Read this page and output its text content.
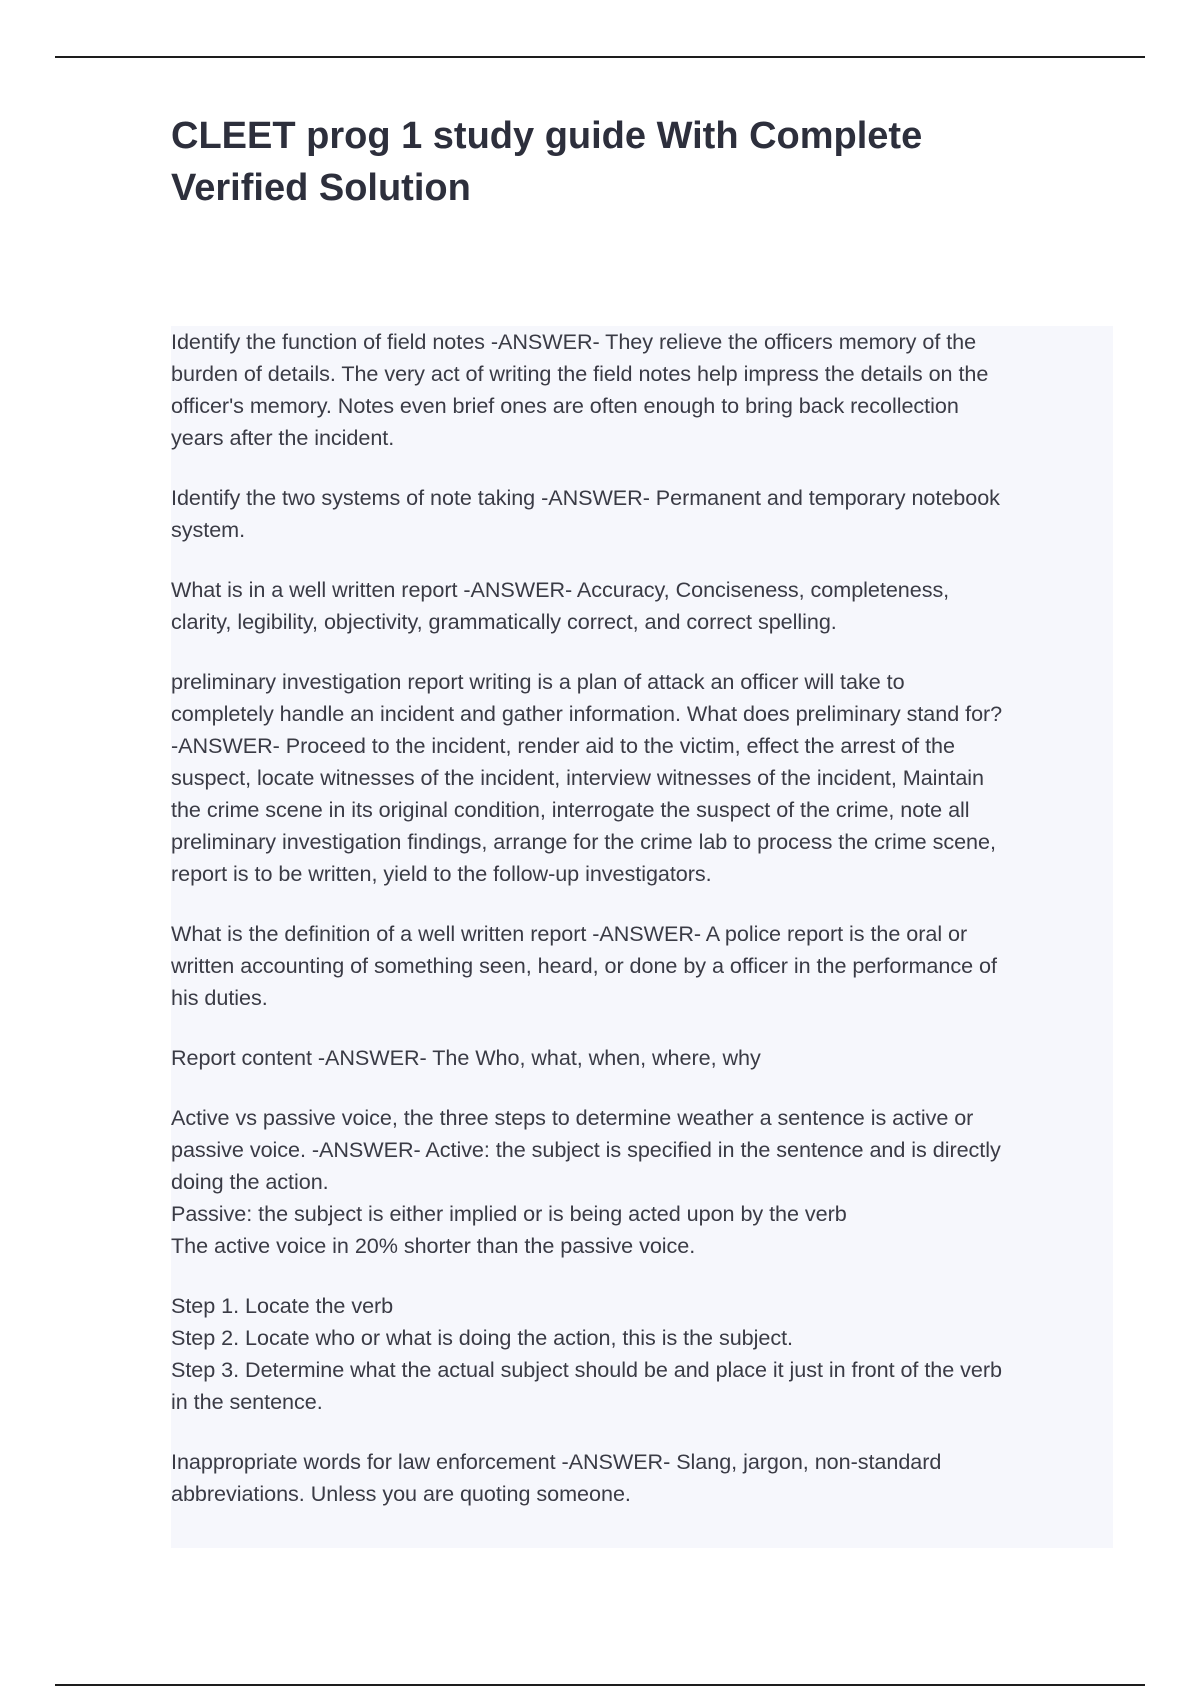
CLEET prog 1 study guide With Complete
Verified Solution

Identify the function of field notes -ANSWER- They relieve the officers memory of the
burden of details. The very act of writing the field notes help impress the details on the
officer's memory. Notes even brief ones are often enough to bring back recollection
years after the incident.

Identify the two systems of note taking -ANSWER- Permanent and temporary notebook
system.

What is in a well written report -ANSWER- Accuracy, Conciseness, completeness,
clarity, legibility, objectivity, grammatically correct, and correct spelling.

preliminary investigation report writing is a plan of attack an officer will take to
completely handle an incident and gather information. What does preliminary stand for?
-ANSWER- Proceed to the incident, render aid to the victim, effect the arrest of the
suspect, locate witnesses of the incident, interview witnesses of the incident, Maintain
the crime scene in its original condition, interrogate the suspect of the crime, note all
preliminary investigation findings, arrange for the crime lab to process the crime scene,
report is to be written, yield to the follow-up investigators.

What is the definition of a well written report -ANSWER- A police report is the oral or
written accounting of something seen, heard, or done by a officer in the performance of
his duties.

Report content -ANSWER- The Who, what, when, where, why

Active vs passive voice, the three steps to determine weather a sentence is active or
passive voice. -ANSWER- Active: the subject is specified in the sentence and is directly
doing the action.
Passive: the subject is either implied or is being acted upon by the verb
The active voice in 20% shorter than the passive voice.

Step 1. Locate the verb
Step 2. Locate who or what is doing the action, this is the subject.
Step 3. Determine what the actual subject should be and place it just in front of the verb
in the sentence.

Inappropriate words for law enforcement -ANSWER- Slang, jargon, non-standard
abbreviations. Unless you are quoting someone.
